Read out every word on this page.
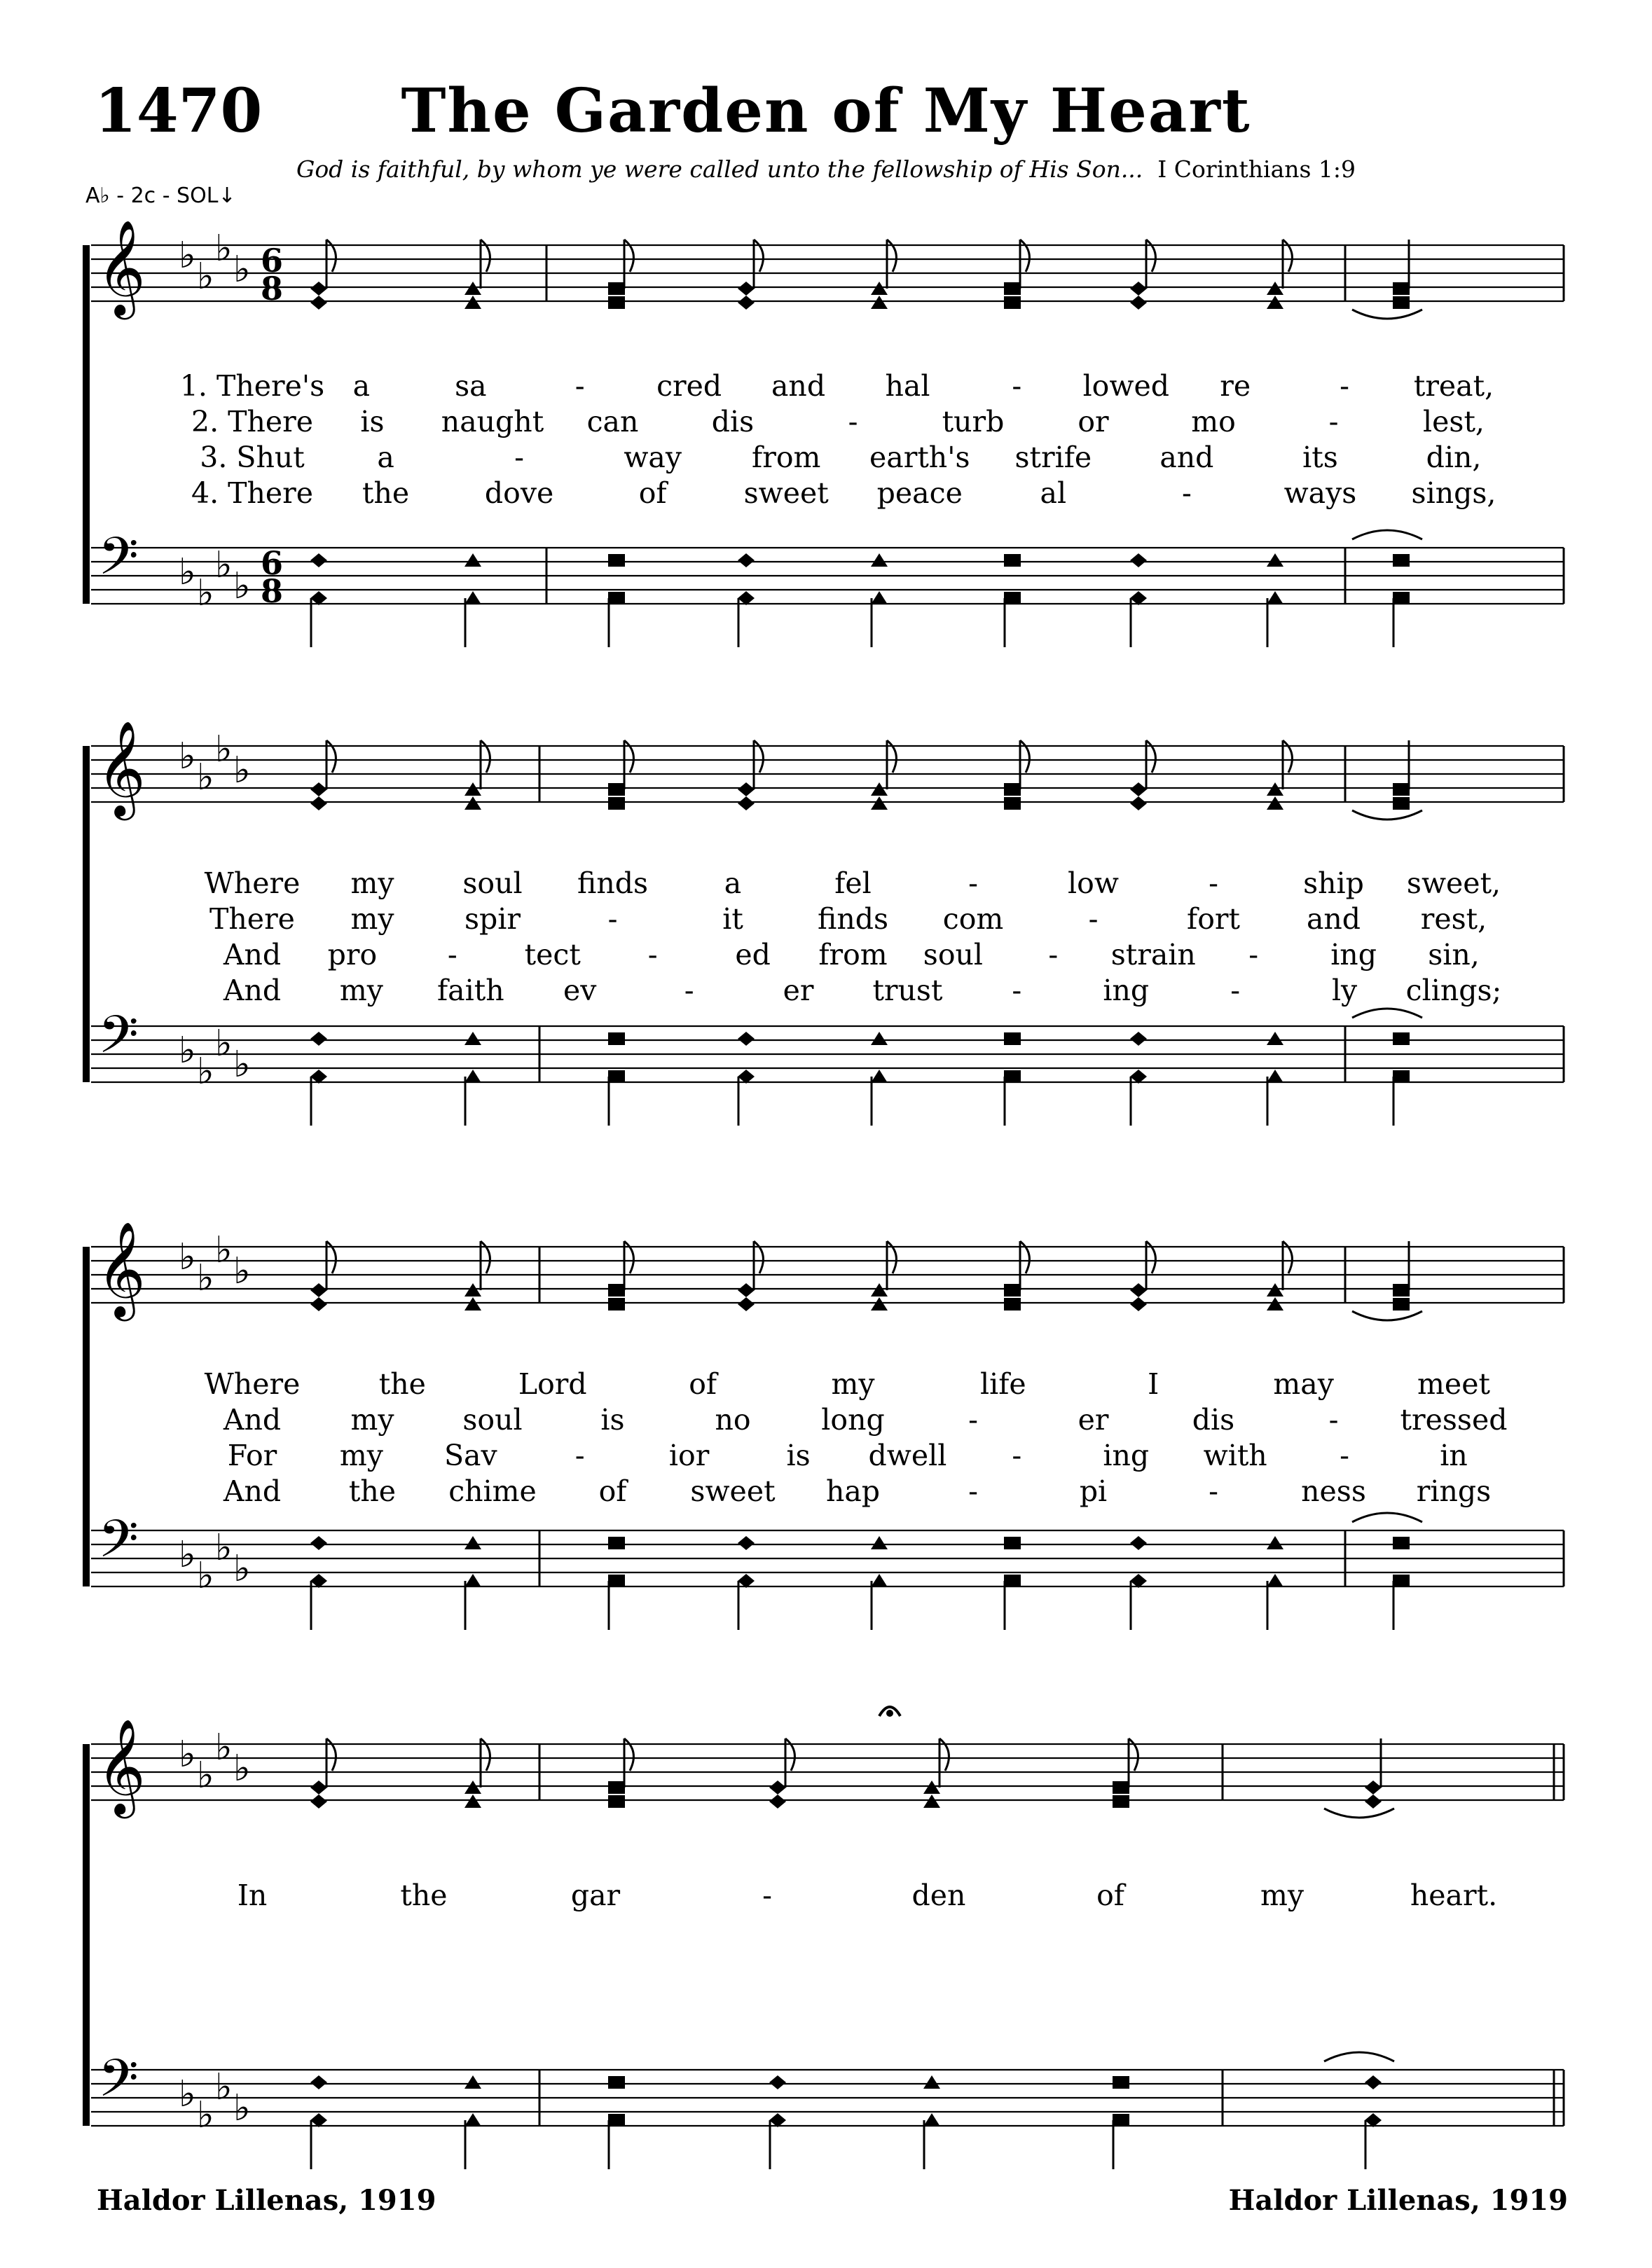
1470	The Garden of My Heart
God is faithful, by whom ye were called unto the fellowship of His Son... I Corinthians 1:9
A♭ - 2c - SOL↓
𝄞 ♭ ♭
♭ ♭ 6
8
𝄢 ♭ ♭
♭ ♭
6
8
1. There's a	sa	- cred and hal	- lowed re	- treat,
2. There is naught can	dis	-	turb	or	mo	-	lest,
3. Shut	a	-	way from earth's strife and	its	din,
4. There the	dove	of	sweet peace	al	-	ways sings,
𝄞 ♭ ♭
♭ ♭
𝄢 ♭ ♭
♭ ♭
Where my soul finds	a	fel	-	low	-	ship sweet,
There my spir	-	it	finds com	-	fort and rest,
And pro - tect -	ed from soul - strain -	ing sin,
And my faith ev	-	er trust -	ing	-	ly clings;
𝄞 ♭ ♭
♭ ♭
𝄢 ♭ ♭
♭ ♭
Where	the	Lord	of	my	life	I	may	meet
And my soul	is	no long	-	er	dis	- tressed
For my Sav	-	ior	is dwell -	ing with	-	in
And the chime of sweet hap	-	pi	-	ness rings
𝄞 ♭ ♭
♭ ♭
𝄢 ♭ ♭
♭ ♭
In	the	gar	-	den	of	my	heart.
Haldor Lillenas, 1919	Haldor Lillenas, 1919
